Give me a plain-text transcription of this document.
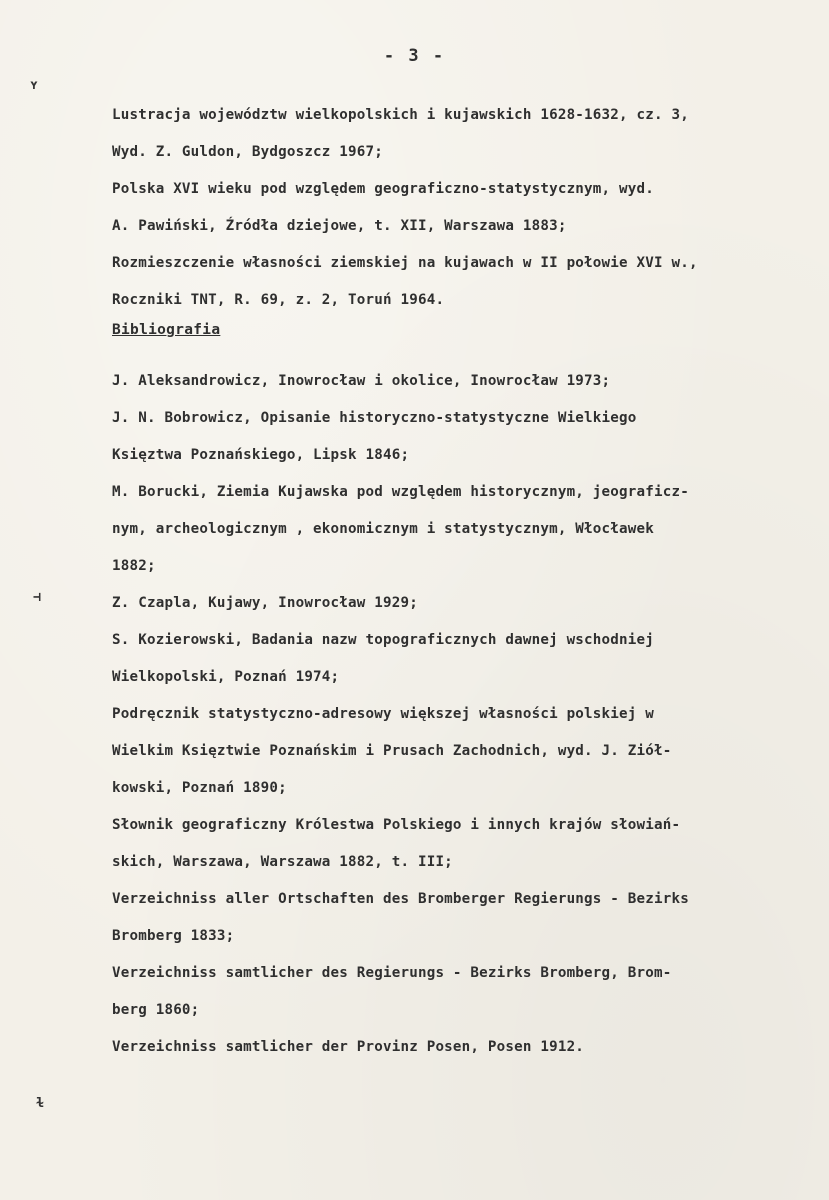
ʏ
⊣
ɫ
- 3 -
Lustracja województw wielkopolskich i kujawskich 1628-1632, cz. 3,
Wyd. Z. Guldon, Bydgoszcz 1967;
Polska XVI wieku pod względem geograficzno-statystycznym, wyd.
A. Pawiński, Źródła dziejowe, t. XII, Warszawa 1883;
Rozmieszczenie własności ziemskiej na kujawach w II połowie XVI w.,
Roczniki TNT, R. 69, z. 2, Toruń 1964.
Bibliografia
J. Aleksandrowicz, Inowrocław i okolice, Inowrocław 1973;
J. N. Bobrowicz, Opisanie historyczno-statystyczne Wielkiego
Księztwa Poznańskiego, Lipsk 1846;
M. Borucki, Ziemia Kujawska pod względem historycznym, jeograficz-
nym, archeologicznym , ekonomicznym i statystycznym, Włocławek
1882;
Z. Czapla, Kujawy, Inowrocław 1929;
S. Kozierowski, Badania nazw topograficznych dawnej wschodniej
Wielkopolski, Poznań 1974;
Podręcznik statystyczno-adresowy większej własności polskiej w
Wielkim Księztwie Poznańskim i Prusach Zachodnich, wyd. J. Ziół-
kowski, Poznań 1890;
Słownik geograficzny Królestwa Polskiego i innych krajów słowiań-
skich, Warszawa, Warszawa 1882, t. III;
Verzeichniss aller Ortschaften des Bromberger Regierungs - Bezirks
Bromberg 1833;
Verzeichniss samtlicher des Regierungs - Bezirks Bromberg, Brom-
berg 1860;
Verzeichniss samtlicher der Provinz Posen, Posen 1912.
